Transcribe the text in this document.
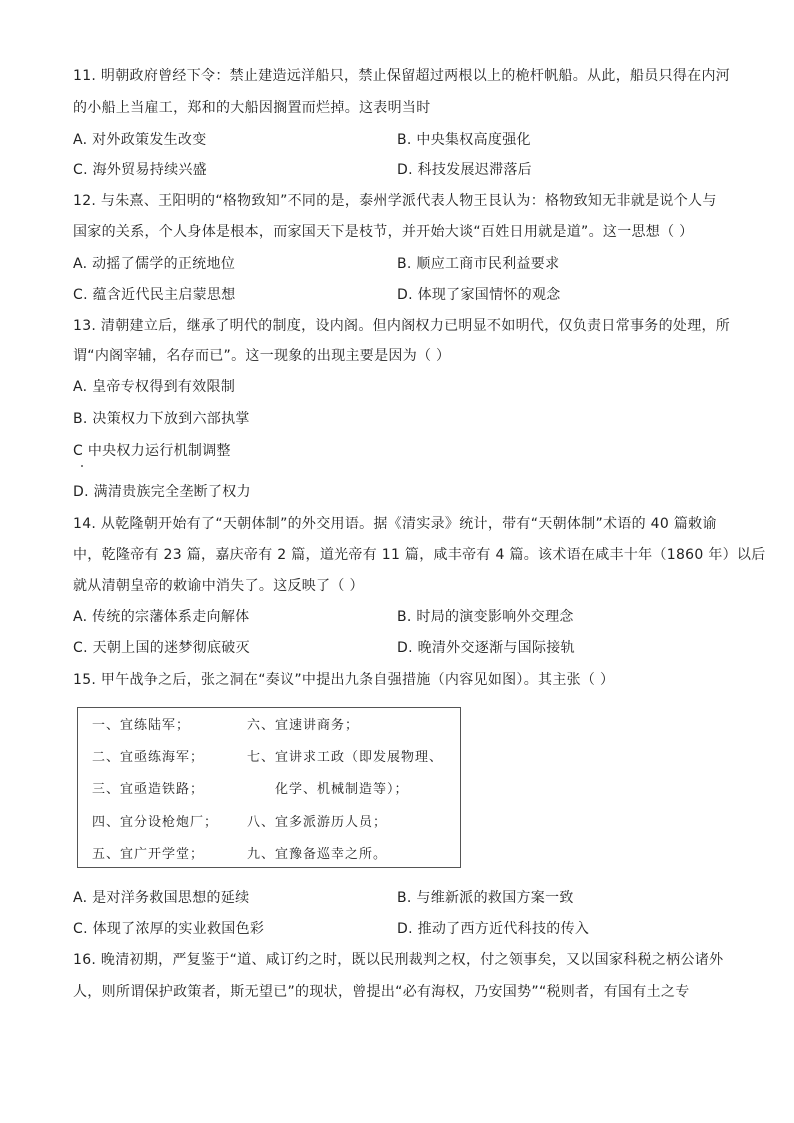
11. 明朝政府曾经下令：禁止建造远洋船只，禁止保留超过两根以上的桅杆帆船。从此，船员只得在内河
的小船上当雇工，郑和的大船因搁置而烂掉。这表明当时
A. 对外政策发生改变	B. 中央集权高度强化
C. 海外贸易持续兴盛	D. 科技发展迟滞落后
12. 与朱熹、王阳明的“格物致知”不同的是，泰州学派代表人物王艮认为：格物致知无非就是说个人与
国家的关系，个人身体是根本，而家国天下是枝节，并开始大谈“百姓日用就是道”。这一思想（ ）
A. 动摇了儒学的正统地位	B. 顺应工商市民利益要求
C. 蕴含近代民主启蒙思想	D. 体现了家国情怀的观念
13. 清朝建立后，继承了明代的制度，设内阁。但内阁权力已明显不如明代，仅负责日常事务的处理，所
谓“内阁宰辅，名存而已”。这一现象的出现主要是因为（ ）
A. 皇帝专权得到有效限制
B. 决策权力下放到六部执掌
C 中央权力运行机制调整
D. 满清贵族完全垄断了权力
14. 从乾隆朝开始有了“天朝体制”的外交用语。据《清实录》统计，带有“天朝体制”术语的 40 篇敕谕
中，乾隆帝有 23 篇，嘉庆帝有 2 篇，道光帝有 11 篇，咸丰帝有 4 篇。该术语在咸丰十年（1860 年）以后
就从清朝皇帝的敕谕中消失了。这反映了（ ）
A. 传统的宗藩体系走向解体	B. 时局的演变影响外交理念
C. 天朝上国的迷梦彻底破灭	D. 晚清外交逐渐与国际接轨
15. 甲午战争之后，张之洞在“奏议”中提出九条自强措施（内容见如图）。其主张（ ）
一、宜练陆军；
二、宜亟练海军；
三、宜亟造铁路；
四、宜分设枪炮厂；
五、宜广开学堂；
六、宜速讲商务；
七、宜讲求工政（即发展物理、
化学、机械制造等）；
八、宜多派游历人员；
九、宜豫备巡幸之所。
A. 是对洋务救国思想的延续	B. 与维新派的救国方案一致
C. 体现了浓厚的实业救国色彩	D. 推动了西方近代科技的传入
16. 晚清初期，严复鉴于“道、咸订约之时，既以民刑裁判之权，付之领事矣，又以国家科税之柄公诸外
人，则所谓保护政策者，斯无望已”的现状，曾提出“必有海权，乃安国势”“税则者，有国有土之专
